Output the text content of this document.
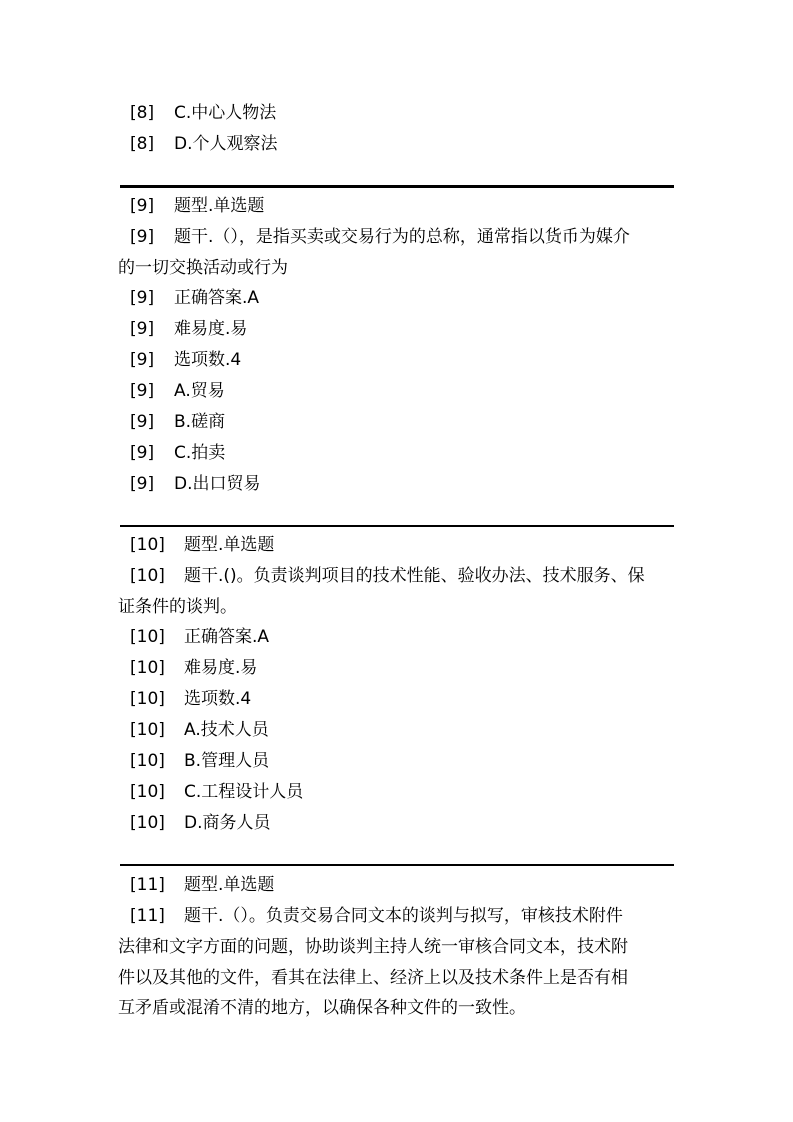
[8] C.中心人物法
[8] D.个人观察法
[9] 题型.单选题
[9] 题干.（），是指买卖或交易行为的总称，通常指以货币为媒介
的一切交换活动或行为
[9] 正确答案.A
[9] 难易度.易
[9] 选项数.4
[9] A.贸易
[9] B.磋商
[9] C.拍卖
[9] D.出口贸易
[10] 题型.单选题
[10] 题干.()。负责谈判项目的技术性能、验收办法、技术服务、保
证条件的谈判。
[10] 正确答案.A
[10] 难易度.易
[10] 选项数.4
[10] A.技术人员
[10] B.管理人员
[10] C.工程设计人员
[10] D.商务人员
[11] 题型.单选题
[11] 题干.（）。负责交易合同文本的谈判与拟写，审核技术附件
法律和文字方面的问题，协助谈判主持人统一审核合同文本，技术附
件以及其他的文件，看其在法律上、经济上以及技术条件上是否有相
互矛盾或混淆不清的地方，以确保各种文件的一致性。
